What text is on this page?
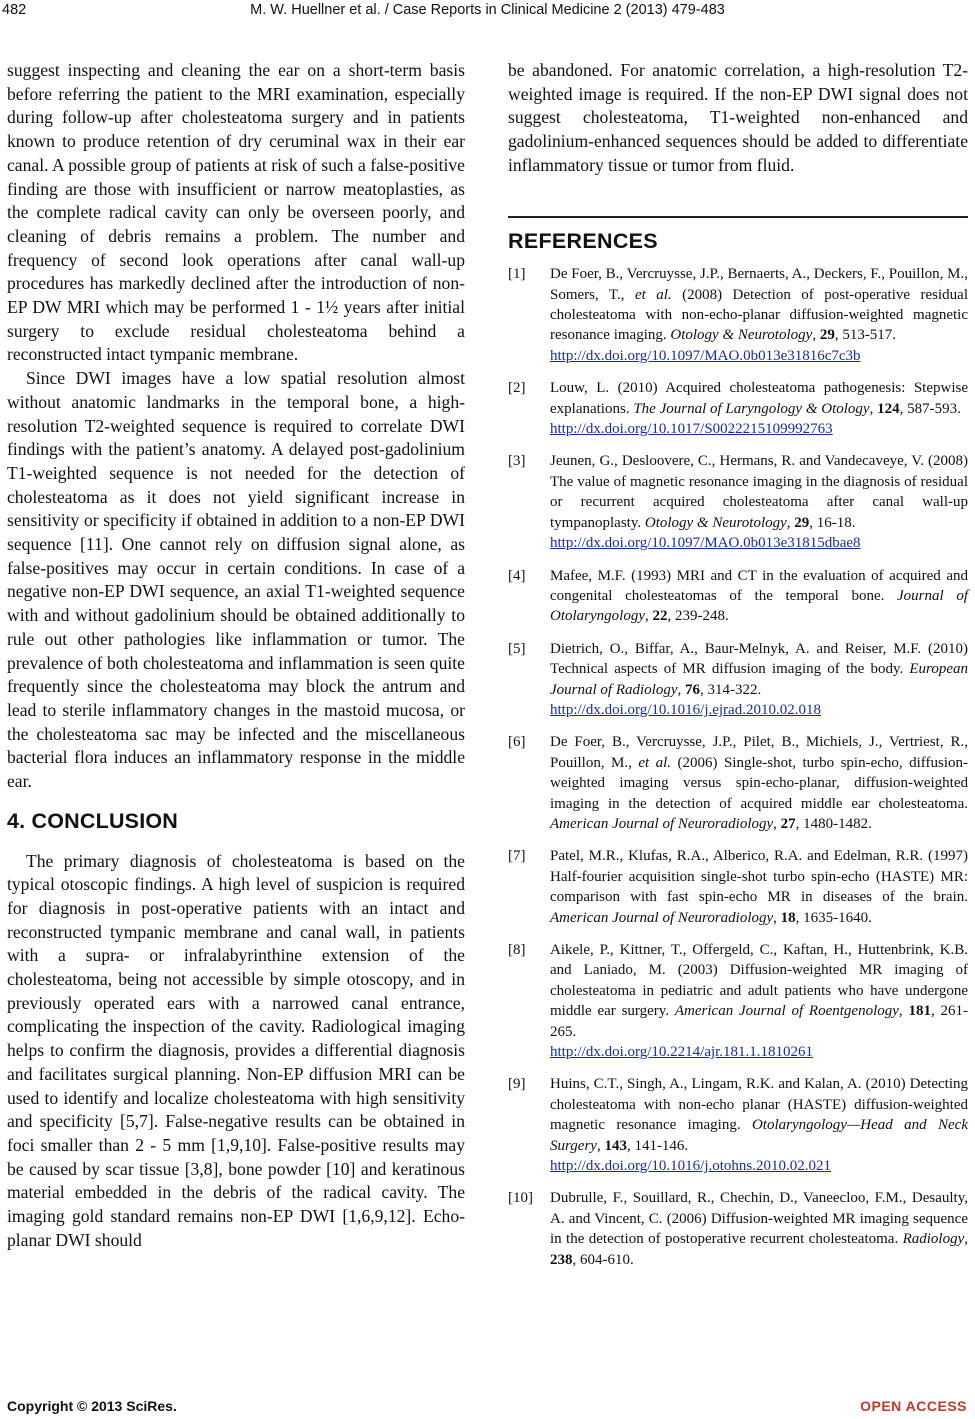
482	M. W. Huellner et al. / Case Reports in Clinical Medicine 2 (2013) 479-483

suggest inspecting and cleaning the ear on a short-term basis before referring the patient to the MRI examination, especially during follow-up after cholesteatoma surgery and in patients known to produce retention of dry ceruminal wax in their ear canal. A possible group of patients at risk of such a false-positive finding are those with insufficient or narrow meatoplasties, as the complete radical cavity can only be overseen poorly, and cleaning of debris remains a problem. The number and frequency of second look operations after canal wall-up procedures has markedly declined after the introduction of non-EP DW MRI which may be performed 1 - 1½ years after initial surgery to exclude residual cholesteatoma behind a reconstructed intact tympanic membrane.

Since DWI images have a low spatial resolution almost without anatomic landmarks in the temporal bone, a high-resolution T2-weighted sequence is required to correlate DWI findings with the patient’s anatomy. A delayed post-gadolinium T1-weighted sequence is not needed for the detection of cholesteatoma as it does not yield significant increase in sensitivity or specificity if obtained in addition to a non-EP DWI sequence [11]. One cannot rely on diffusion signal alone, as false-positives may occur in certain conditions. In case of a negative non-EP DWI sequence, an axial T1-weighted sequence with and without gadolinium should be obtained additionally to rule out other pathologies like inflammation or tumor. The prevalence of both cholesteatoma and inflammation is seen quite frequently since the cholesteatoma may block the antrum and lead to sterile inflammatory changes in the mastoid mucosa, or the cholesteatoma sac may be infected and the miscellaneous bacterial flora induces an inflammatory response in the middle ear.

4. CONCLUSION

The primary diagnosis of cholesteatoma is based on the typical otoscopic findings. A high level of suspicion is required for diagnosis in post-operative patients with an intact and reconstructed tympanic membrane and canal wall, in patients with a supra- or infralabyrinthine extension of the cholesteatoma, being not accessible by simple otoscopy, and in previously operated ears with a narrowed canal entrance, complicating the inspection of the cavity. Radiological imaging helps to confirm the diagnosis, provides a differential diagnosis and facilitates surgical planning. Non-EP diffusion MRI can be used to identify and localize cholesteatoma with high sensitivity and specificity [5,7]. False-negative results can be obtained in foci smaller than 2 - 5 mm [1,9,10]. False-positive results may be caused by scar tissue [3,8], bone powder [10] and keratinous material embedded in the debris of the radical cavity. The imaging gold standard remains non-EP DWI [1,6,9,12]. Echo-planar DWI should

be abandoned. For anatomic correlation, a high-resolution T2-weighted image is required. If the non-EP DWI signal does not suggest cholesteatoma, T1-weighted non-enhanced and gadolinium-enhanced sequences should be added to differentiate inflammatory tissue or tumor from fluid.

REFERENCES
[1] De Foer, B., Vercruysse, J.P., Bernaerts, A., Deckers, F., Pouillon, M., Somers, T., et al. (2008) Detection of post-operative residual cholesteatoma with non-echo-planar diffusion-weighted magnetic resonance imaging. Otology & Neurotology, 29, 513-517.
http://dx.doi.org/10.1097/MAO.0b013e31816c7c3b
[2] Louw, L. (2010) Acquired cholesteatoma pathogenesis: Stepwise explanations. The Journal of Laryngology & Otology, 124, 587-593.
http://dx.doi.org/10.1017/S0022215109992763
[3] Jeunen, G., Desloovere, C., Hermans, R. and Vandecaveye, V. (2008) The value of magnetic resonance imaging in the diagnosis of residual or recurrent acquired cholesteatoma after canal wall-up tympanoplasty. Otology & Neurotology, 29, 16-18.
http://dx.doi.org/10.1097/MAO.0b013e31815dbae8
[4] Mafee, M.F. (1993) MRI and CT in the evaluation of acquired and congenital cholesteatomas of the temporal bone. Journal of Otolaryngology, 22, 239-248.
[5] Dietrich, O., Biffar, A., Baur-Melnyk, A. and Reiser, M.F. (2010) Technical aspects of MR diffusion imaging of the body. European Journal of Radiology, 76, 314-322.
http://dx.doi.org/10.1016/j.ejrad.2010.02.018
[6] De Foer, B., Vercruysse, J.P., Pilet, B., Michiels, J., Vertriest, R., Pouillon, M., et al. (2006) Single-shot, turbo spin-echo, diffusion-weighted imaging versus spin-echo-planar, diffusion-weighted imaging in the detection of acquired middle ear cholesteatoma. American Journal of Neuroradiology, 27, 1480-1482.
[7] Patel, M.R., Klufas, R.A., Alberico, R.A. and Edelman, R.R. (1997) Half-fourier acquisition single-shot turbo spin-echo (HASTE) MR: comparison with fast spin-echo MR in diseases of the brain. American Journal of Neuroradiology, 18, 1635-1640.
[8] Aikele, P., Kittner, T., Offergeld, C., Kaftan, H., Huttenbrink, K.B. and Laniado, M. (2003) Diffusion-weighted MR imaging of cholesteatoma in pediatric and adult patients who have undergone middle ear surgery. American Journal of Roentgenology, 181, 261-265.
http://dx.doi.org/10.2214/ajr.181.1.1810261
[9] Huins, C.T., Singh, A., Lingam, R.K. and Kalan, A. (2010) Detecting cholesteatoma with non-echo planar (HASTE) diffusion-weighted magnetic resonance imaging. Otolaryngology—Head and Neck Surgery, 143, 141-146.
http://dx.doi.org/10.1016/j.otohns.2010.02.021
[10] Dubrulle, F., Souillard, R., Chechin, D., Vaneecloo, F.M., Desaulty, A. and Vincent, C. (2006) Diffusion-weighted MR imaging sequence in the detection of postoperative recurrent cholesteatoma. Radiology, 238, 604-610.
Copyright © 2013 SciRes.	OPEN ACCESS
